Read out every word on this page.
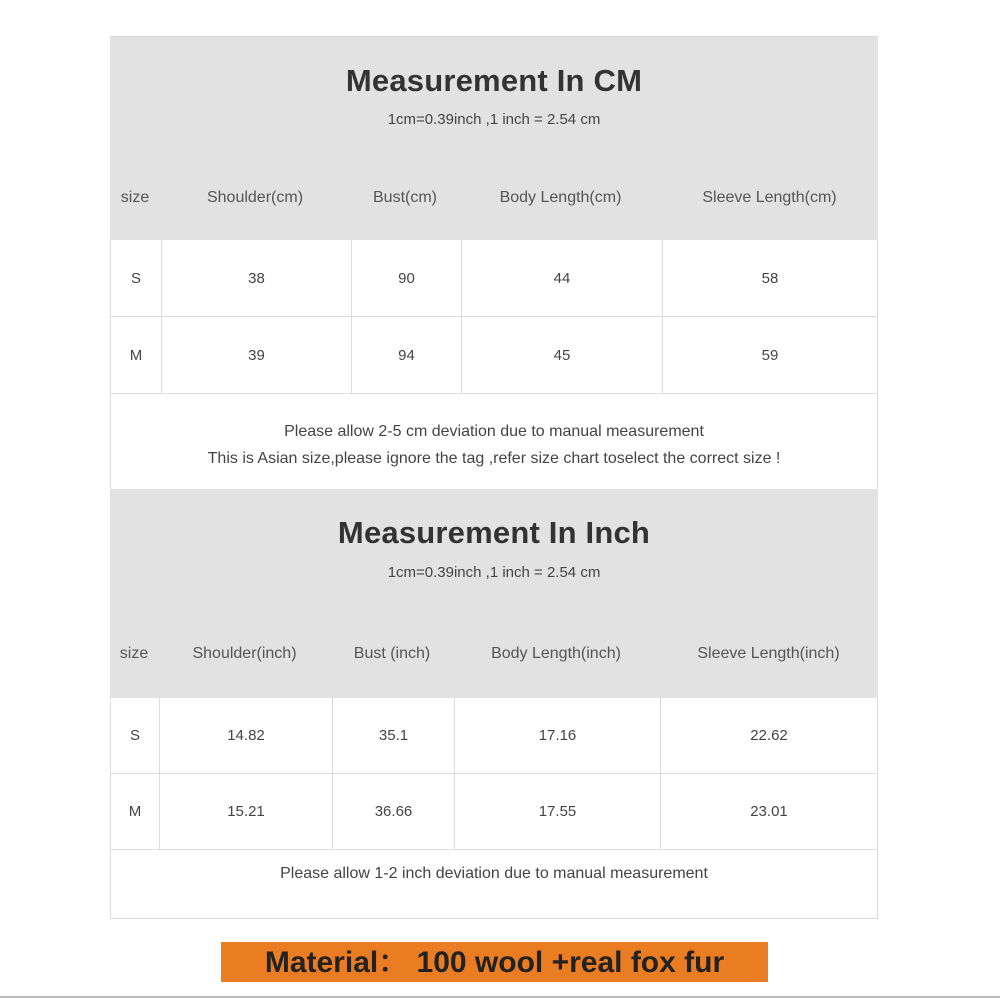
Measurement In CM
1cm=0.39inch ,1 inch = 2.54 cm
size	Shoulder(cm)	Bust(cm)	Body Length(cm)	Sleeve Length(cm)
S	38	90	44	58
M	39	94	45	59
Please allow 2-5 cm deviation due to manual measurement
This is Asian size,please ignore the tag ,refer size chart toselect the correct size !
Measurement In Inch
1cm=0.39inch ,1 inch = 2.54 cm
size	Shoulder(inch)	Bust (inch)	Body Length(inch)	Sleeve Length(inch)
S	14.82	35.1	17.16	22.62
M	15.21	36.66	17.55	23.01
Please allow 1-2 inch deviation due to manual measurement
Material： 100 wool +real fox fur
